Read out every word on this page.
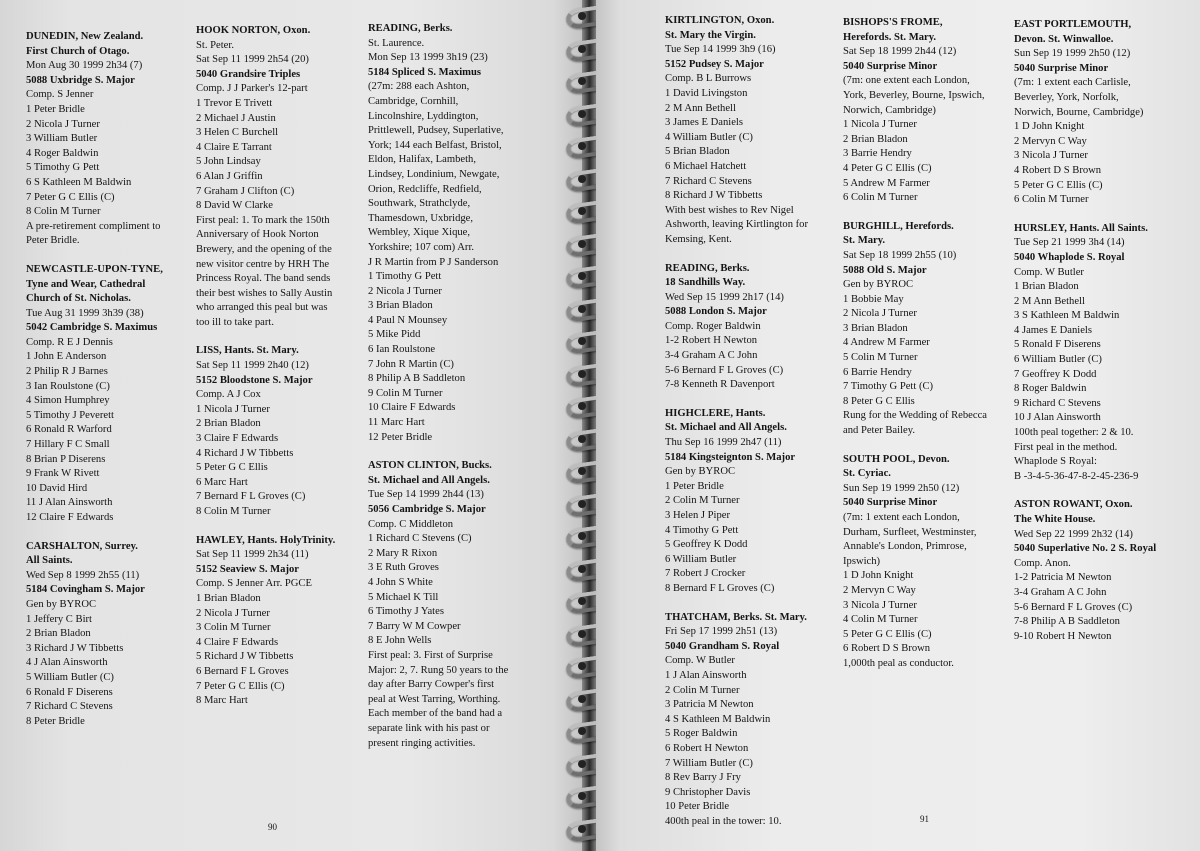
DUNEDIN, New Zealand.
First Church of Otago.
Mon Aug 30 1999 2h34 (7)
5088 Uxbridge S. Major
Comp. S Jenner
1 Peter Bridle
2 Nicola J Turner
3 William Butler
4 Roger Baldwin
5 Timothy G Pett
6 S Kathleen M Baldwin
7 Peter G C Ellis (C)
8 Colin M Turner
A pre-retirement compliment to
Peter Bridle.
NEWCASTLE-UPON-TYNE,
Tyne and Wear, Cathedral
Church of St. Nicholas.
Tue Aug 31 1999 3h39 (38)
5042 Cambridge S. Maximus
Comp. R E J Dennis
1 John E Anderson
2 Philip R J Barnes
3 Ian Roulstone (C)
4 Simon Humphrey
5 Timothy J Peverett
6 Ronald R Warford
7 Hillary F C Small
8 Brian P Diserens
9 Frank W Rivett
10 David Hird
11 J Alan Ainsworth
12 Claire F Edwards
CARSHALTON, Surrey.
All Saints.
Wed Sep 8 1999 2h55 (11)
5184 Covingham S. Major
Gen by BYROC
1 Jeffery C Birt
2 Brian Bladon
3 Richard J W Tibbetts
4 J Alan Ainsworth
5 William Butler (C)
6 Ronald F Diserens
7 Richard C Stevens
8 Peter Bridle
HOOK NORTON, Oxon.
St. Peter.
Sat Sep 11 1999 2h54 (20)
5040 Grandsire Triples
Comp. J J Parker's 12-part
1 Trevor E Trivett
2 Michael J Austin
3 Helen C Burchell
4 Claire E Tarrant
5 John Lindsay
6 Alan J Griffin
7 Graham J Clifton (C)
8 David W Clarke
First peal: 1. To mark the 150th
Anniversary of Hook Norton
Brewery, and the opening of the
new visitor centre by HRH The
Princess Royal. The band sends
their best wishes to Sally Austin
who arranged this peal but was
too ill to take part.
LISS, Hants. St. Mary.
Sat Sep 11 1999 2h40 (12)
5152 Bloodstone S. Major
Comp. A J Cox
1 Nicola J Turner
2 Brian Bladon
3 Claire F Edwards
4 Richard J W Tibbetts
5 Peter G C Ellis
6 Marc Hart
7 Bernard F L Groves (C)
8 Colin M Turner
HAWLEY, Hants. HolyTrinity.
Sat Sep 11 1999 2h34 (11)
5152 Seaview S. Major
Comp. S Jenner Arr. PGCE
1 Brian Bladon
2 Nicola J Turner
3 Colin M Turner
4 Claire F Edwards
5 Richard J W Tibbetts
6 Bernard F L Groves
7 Peter G C Ellis (C)
8 Marc Hart
READING, Berks.
St. Laurence.
Mon Sep 13 1999 3h19 (23)
5184 Spliced S. Maximus
(27m: 288 each Ashton,
Cambridge, Cornhill,
Lincolnshire, Lyddington,
Prittlewell, Pudsey, Superlative,
York; 144 each Belfast, Bristol,
Eldon, Halifax, Lambeth,
Lindsey, Londinium, Newgate,
Orion, Redcliffe, Redfield,
Southwark, Strathclyde,
Thamesdown, Uxbridge,
Wembley, Xique Xique,
Yorkshire; 107 com) Arr.
J R Martin from P J Sanderson
1 Timothy G Pett
2 Nicola J Turner
3 Brian Bladon
4 Paul N Mounsey
5 Mike Pidd
6 Ian Roulstone
7 John R Martin (C)
8 Philip A B Saddleton
9 Colin M Turner
10 Claire F Edwards
11 Marc Hart
12 Peter Bridle
ASTON CLINTON, Bucks.
St. Michael and All Angels.
Tue Sep 14 1999 2h44 (13)
5056 Cambridge S. Major
Comp. C Middleton
1 Richard C Stevens (C)
2 Mary R Rixon
3 E Ruth Groves
4 John S White
5 Michael K Till
6 Timothy J Yates
7 Barry W M Cowper
8 E John Wells
First peal: 3. First of Surprise
Major: 2, 7. Rung 50 years to the
day after Barry Cowper's first
peal at West Tarring, Worthing.
Each member of the band had a
separate link with his past or
present ringing activities.
90
KIRTLINGTON, Oxon.
St. Mary the Virgin.
Tue Sep 14 1999 3h9 (16)
5152 Pudsey S. Major
Comp. B L Burrows
1 David Livingston
2 M Ann Bethell
3 James E Daniels
4 William Butler (C)
5 Brian Bladon
6 Michael Hatchett
7 Richard C Stevens
8 Richard J W Tibbetts
With best wishes to Rev Nigel
Ashworth, leaving Kirtlington for
Kemsing, Kent.
READING, Berks.
18 Sandhills Way.
Wed Sep 15 1999 2h17 (14)
5088 London S. Major
Comp. Roger Baldwin
1-2 Robert H Newton
3-4 Graham A C John
5-6 Bernard F L Groves (C)
7-8 Kenneth R Davenport
HIGHCLERE, Hants.
St. Michael and All Angels.
Thu Sep 16 1999 2h47 (11)
5184 Kingsteignton S. Major
Gen by BYROC
1 Peter Bridle
2 Colin M Turner
3 Helen J Piper
4 Timothy G Pett
5 Geoffrey K Dodd
6 William Butler
7 Robert J Crocker
8 Bernard F L Groves (C)
THATCHAM, Berks. St. Mary.
Fri Sep 17 1999 2h51 (13)
5040 Grandham S. Royal
Comp. W Butler
1 J Alan Ainsworth
2 Colin M Turner
3 Patricia M Newton
4 S Kathleen M Baldwin
5 Roger Baldwin
6 Robert H Newton
7 William Butler (C)
8 Rev Barry J Fry
9 Christopher Davis
10 Peter Bridle
400th peal in the tower: 10.
BISHOPS'S FROME,
Herefords. St. Mary.
Sat Sep 18 1999 2h44 (12)
5040 Surprise Minor
(7m: one extent each London,
York, Beverley, Bourne, Ipswich,
Norwich, Cambridge)
1 Nicola J Turner
2 Brian Bladon
3 Barrie Hendry
4 Peter G C Ellis (C)
5 Andrew M Farmer
6 Colin M Turner
BURGHILL, Herefords.
St. Mary.
Sat Sep 18 1999 2h55 (10)
5088 Old S. Major
Gen by BYROC
1 Bobbie May
2 Nicola J Turner
3 Brian Bladon
4 Andrew M Farmer
5 Colin M Turner
6 Barrie Hendry
7 Timothy G Pett (C)
8 Peter G C Ellis
Rung for the Wedding of Rebecca
and Peter Bailey.
SOUTH POOL, Devon.
St. Cyriac.
Sun Sep 19 1999 2h50 (12)
5040 Surprise Minor
(7m: 1 extent each London,
Durham, Surfleet, Westminster,
Annable's London, Primrose,
Ipswich)
1 D John Knight
2 Mervyn C Way
3 Nicola J Turner
4 Colin M Turner
5 Peter G C Ellis (C)
6 Robert D S Brown
1,000th peal as conductor.
EAST PORTLEMOUTH,
Devon. St. Winwalloe.
Sun Sep 19 1999 2h50 (12)
5040 Surprise Minor
(7m: 1 extent each Carlisle,
Beverley, York, Norfolk,
Norwich, Bourne, Cambridge)
1 D John Knight
2 Mervyn C Way
3 Nicola J Turner
4 Robert D S Brown
5 Peter G C Ellis (C)
6 Colin M Turner
HURSLEY, Hants. All Saints.
Tue Sep 21 1999 3h4 (14)
5040 Whaplode S. Royal
Comp. W Butler
1 Brian Bladon
2 M Ann Bethell
3 S Kathleen M Baldwin
4 James E Daniels
5 Ronald F Diserens
6 William Butler (C)
7 Geoffrey K Dodd
8 Roger Baldwin
9 Richard C Stevens
10 J Alan Ainsworth
100th peal together: 2 & 10.
First peal in the method.
Whaplode S Royal:
B -3-4-5-36-47-8-2-45-236-9
ASTON ROWANT, Oxon.
The White House.
Wed Sep 22 1999 2h32 (14)
5040 Superlative No. 2 S. Royal
Comp. Anon.
1-2 Patricia M Newton
3-4 Graham A C John
5-6 Bernard F L Groves (C)
7-8 Philip A B Saddleton
9-10 Robert H Newton
91
